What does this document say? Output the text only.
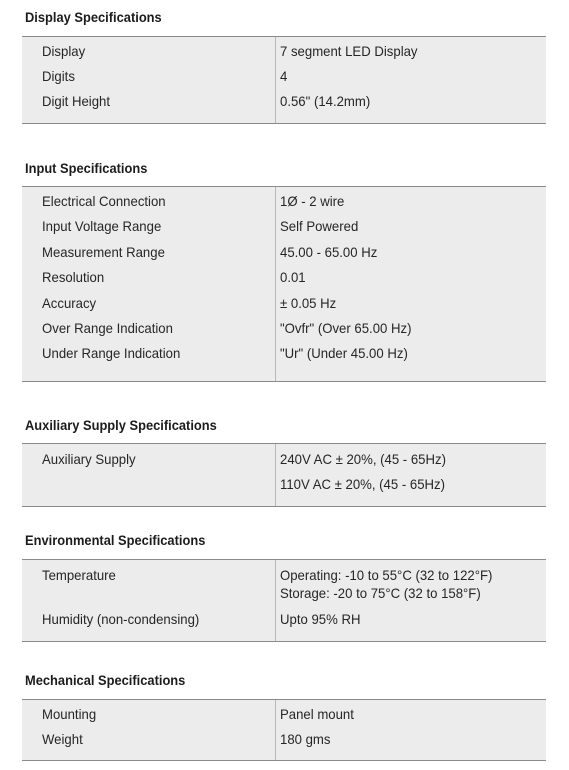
Display Specifications
Display	7 segment LED Display
Digits	4
Digit Height	0.56" (14.2mm)
Input Specifications
Electrical Connection	1Ø - 2 wire
Input Voltage Range	Self Powered
Measurement Range	45.00 - 65.00 Hz
Resolution	0.01
Accuracy	± 0.05 Hz
Over Range Indication	"Ovfr" (Over 65.00 Hz)
Under Range Indication	"Ur" (Under 45.00 Hz)
Auxiliary Supply Specifications
Auxiliary Supply	240V AC ± 20%, (45 - 65Hz)
110V AC ± 20%, (45 - 65Hz)
Environmental Specifications
Temperature	Operating: -10 to 55°C (32 to 122°F)
Storage: -20 to 75°C (32 to 158°F)
Humidity (non-condensing)	Upto 95% RH
Mechanical Specifications
Mounting	Panel mount
Weight	180 gms
